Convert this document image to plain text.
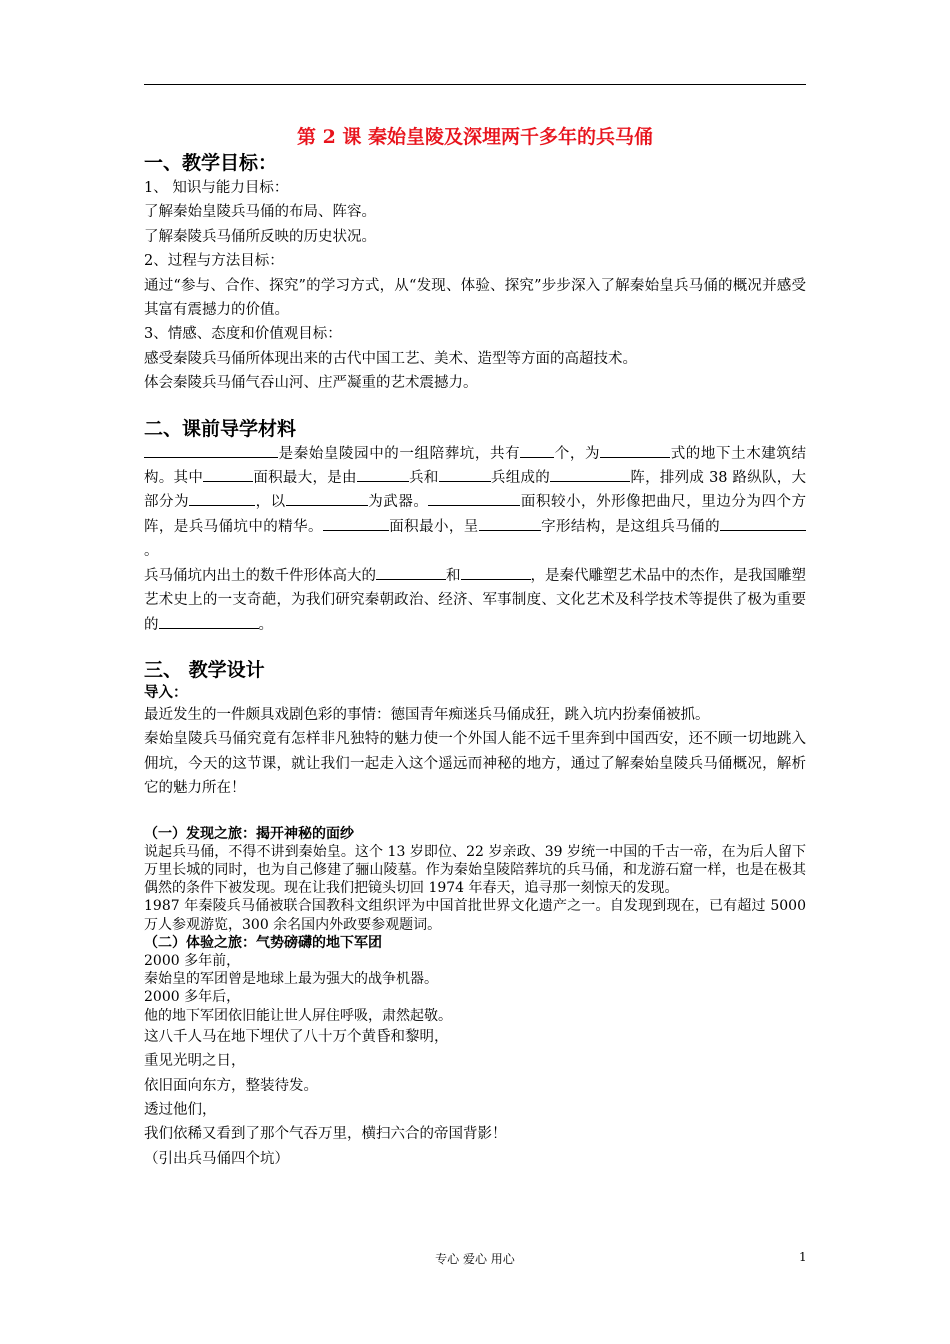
第 2 课 秦始皇陵及深埋两千多年的兵马俑
一、教学目标：

1、 知识与能力目标：

了解秦始皇陵兵马俑的布局、阵容。

了解秦陵兵马俑所反映的历史状况。

2、过程与方法目标：

通过“参与、合作、探究”的学习方式，从“发现、体验、探究”步步深入了解秦始皇兵马俑的概况并感受其富有震撼力的价值。

3、情感、态度和价值观目标：

感受秦陵兵马俑所体现出来的古代中国工艺、美术、造型等方面的高超技术。

体会秦陵兵马俑气吞山河、庄严凝重的艺术震撼力。

二、课前导学材料

是秦始皇陵园中的一组陪葬坑，共有 个，为	式的地下土木建筑结构。其中	面积最大，是由	兵和	兵组成的	阵，排列成 38 路纵队，大部分为	，以	为武器。	面积较小，外形像把曲尺，里边分为四个方阵，是兵马俑坑中的精华。	面积最小，呈	字形结构，是这组兵马俑的。

兵马俑坑内出土的数千件形体高大的	和	，是秦代雕塑艺术品中的杰作，是我国雕塑艺术史上的一支奇葩，为我们研究秦朝政治、经济、军事制度、文化艺术及科学技术等提供了极为重要的	。

三、 教学设计

导入：

最近发生的一件颇具戏剧色彩的事情：德国青年痴迷兵马俑成狂，跳入坑内扮秦俑被抓。

秦始皇陵兵马俑究竟有怎样非凡独特的魅力使一个外国人能不远千里奔到中国西安，还不顾一切地跳入佣坑，今天的这节课，就让我们一起走入这个遥远而神秘的地方，通过了解秦始皇陵兵马俑概况，解析它的魅力所在！

（一）发现之旅：揭开神秘的面纱

说起兵马俑，不得不讲到秦始皇。这个 13 岁即位、22 岁亲政、39 岁统一中国的千古一帝，在为后人留下万里长城的同时，也为自己修建了骊山陵墓。作为秦始皇陵陪葬坑的兵马俑，和龙游石窟一样，也是在极其偶然的条件下被发现。现在让我们把镜头切回 1974 年春天，追寻那一刻惊天的发现。

1987 年秦陵兵马俑被联合国教科文组织评为中国首批世界文化遗产之一。自发现到现在，已有超过 5000 万人参观游览，300 余名国内外政要参观题词。

（二）体验之旅：气势磅礴的地下军团

2000 多年前，

秦始皇的军团曾是地球上最为强大的战争机器。

2000 多年后，

他的地下军团依旧能让世人屏住呼吸，肃然起敬。

这八千人马在地下埋伏了八十万个黄昏和黎明，

重见光明之日，

依旧面向东方，整装待发。

透过他们，

我们依稀又看到了那个气吞万里，横扫六合的帝国背影！

（引出兵马俑四个坑）

专心 爱心 用心	1
